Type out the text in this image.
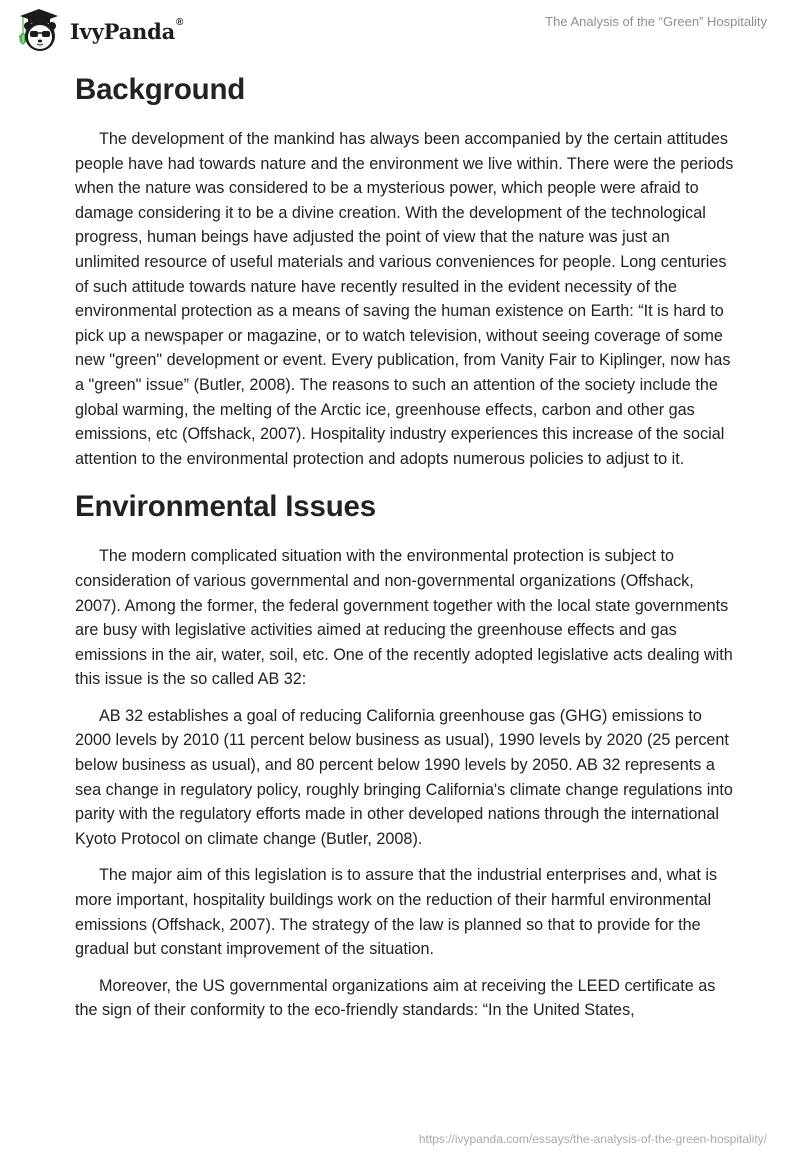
IvyPanda®	The Analysis of the “Green” Hospitality
Background

The development of the mankind has always been accompanied by the certain attitudes people have had towards nature and the environment we live within. There were the periods when the nature was considered to be a mysterious power, which people were afraid to damage considering it to be a divine creation. With the development of the technological progress, human beings have adjusted the point of view that the nature was just an unlimited resource of useful materials and various conveniences for people. Long centuries of such attitude towards nature have recently resulted in the evident necessity of the environmental protection as a means of saving the human existence on Earth: “It is hard to pick up a newspaper or magazine, or to watch television, without seeing coverage of some new "green" development or event. Every publication, from Vanity Fair to Kiplinger, now has a "green" issue” (Butler, 2008). The reasons to such an attention of the society include the global warming, the melting of the Arctic ice, greenhouse effects, carbon and other gas emissions, etc (Offshack, 2007). Hospitality industry experiences this increase of the social attention to the environmental protection and adopts numerous policies to adjust to it.

Environmental Issues

The modern complicated situation with the environmental protection is subject to consideration of various governmental and non-governmental organizations (Offshack, 2007). Among the former, the federal government together with the local state governments are busy with legislative activities aimed at reducing the greenhouse effects and gas emissions in the air, water, soil, etc. One of the recently adopted legislative acts dealing with this issue is the so called AB 32:

AB 32 establishes a goal of reducing California greenhouse gas (GHG) emissions to 2000 levels by 2010 (11 percent below business as usual), 1990 levels by 2020 (25 percent below business as usual), and 80 percent below 1990 levels by 2050. AB 32 represents a sea change in regulatory policy, roughly bringing California's climate change regulations into parity with the regulatory efforts made in other developed nations through the international Kyoto Protocol on climate change (Butler, 2008).

The major aim of this legislation is to assure that the industrial enterprises and, what is more important, hospitality buildings work on the reduction of their harmful environmental emissions (Offshack, 2007). The strategy of the law is planned so that to provide for the gradual but constant improvement of the situation.

Moreover, the US governmental organizations aim at receiving the LEED certificate as the sign of their conformity to the eco-friendly standards: “In the United States,

https://ivypanda.com/essays/the-analysis-of-the-green-hospitality/
